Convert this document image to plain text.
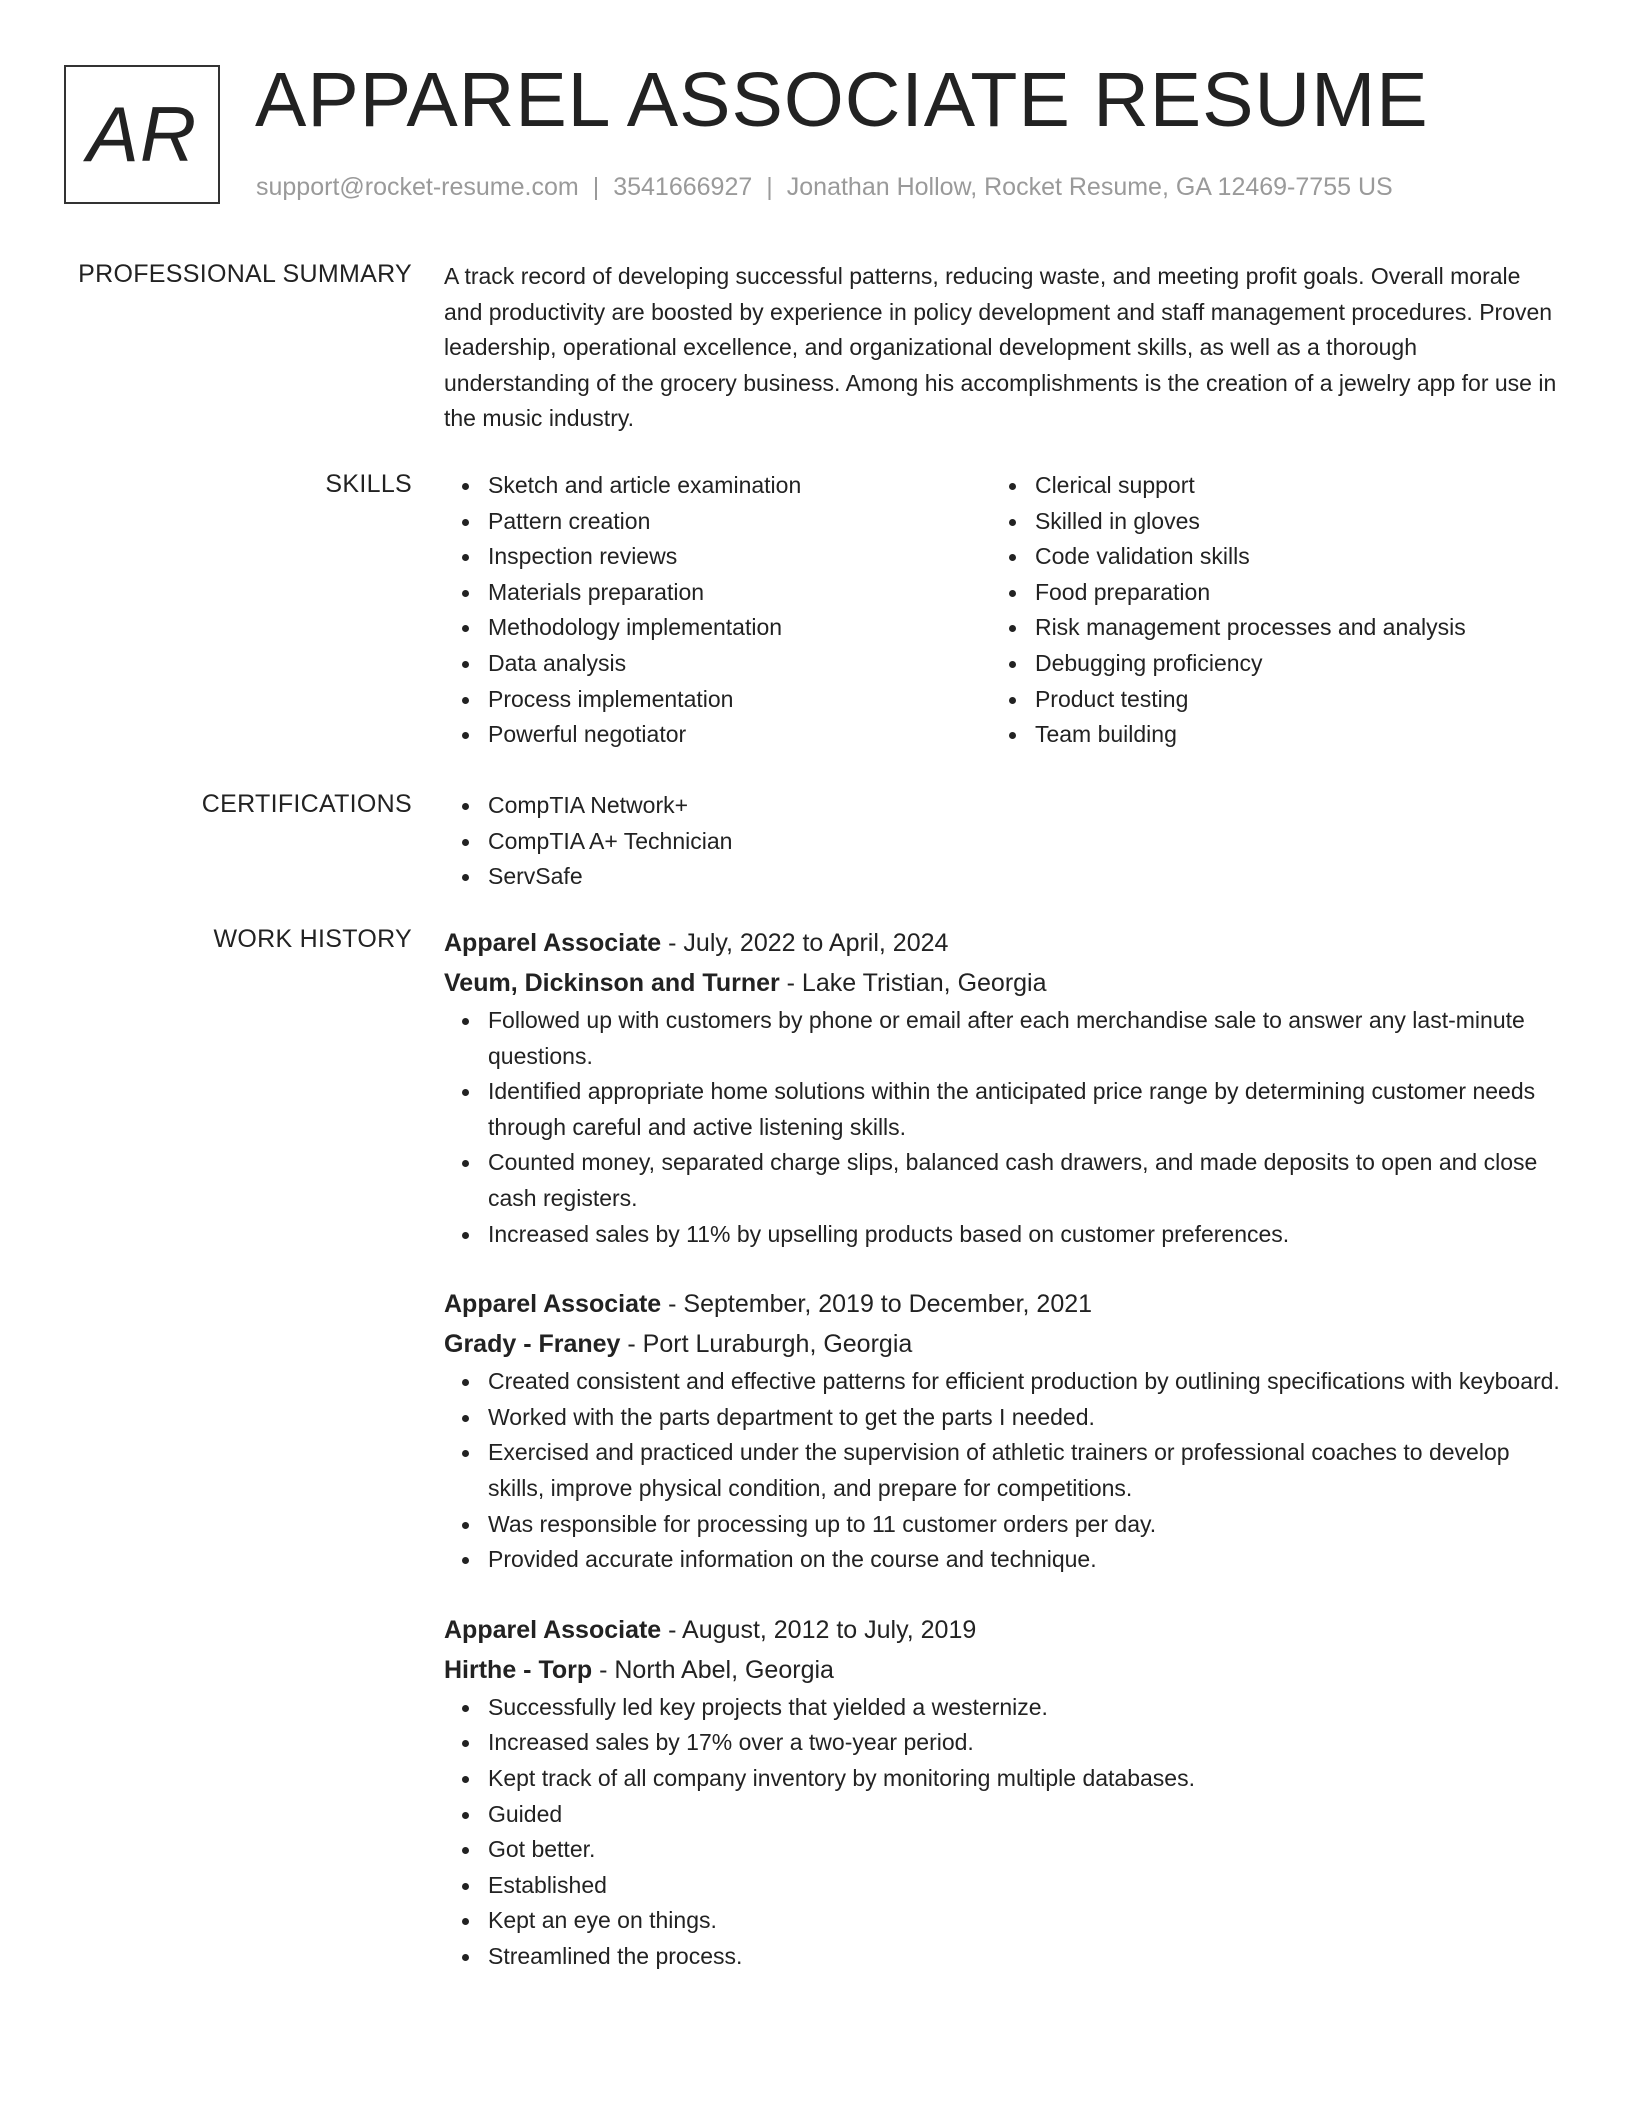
AR APPAREL ASSOCIATE RESUME
support@rocket-resume.com | 3541666927 | Jonathan Hollow, Rocket Resume, GA 12469-7755 US
PROFESSIONAL SUMMARY A track record of developing successful patterns, reducing waste, and meeting profit goals. Overall morale and productivity are boosted by experience in policy development and staff management procedures. Proven leadership, operational excellence, and organizational development skills, as well as a thorough understanding of the grocery business. Among his accomplishments is the creation of a jewelry app for use in the music industry.

SKILLS	Sketch and article examination
Pattern creation
Inspection reviews
Materials preparation
Methodology implementation
Data analysis
Process implementation
Powerful negotiator
Clerical support
Skilled in gloves
Code validation skills
Food preparation
Risk management processes and analysis
Debugging proficiency
Product testing
Team building
CERTIFICATIONS	CompTIA Network+
CompTIA A+ Technician
ServSafe
WORK HISTORY Apparel Associate - July, 2022 to April, 2024
Veum, Dickinson and Turner - Lake Tristian, Georgia
Followed up with customers by phone or email after each merchandise sale to answer any last-minute questions.
Identified appropriate home solutions within the anticipated price range by determining customer needs through careful and active listening skills.
Counted money, separated charge slips, balanced cash drawers, and made deposits to open and close cash registers.
Increased sales by 11% by upselling products based on customer preferences.
Apparel Associate - September, 2019 to December, 2021
Grady - Franey - Port Luraburgh, Georgia
Created consistent and effective patterns for efficient production by outlining specifications with keyboard.
Worked with the parts department to get the parts I needed.
Exercised and practiced under the supervision of athletic trainers or professional coaches to develop skills, improve physical condition, and prepare for competitions.
Was responsible for processing up to 11 customer orders per day.
Provided accurate information on the course and technique.
Apparel Associate - August, 2012 to July, 2019
Hirthe - Torp - North Abel, Georgia
Successfully led key projects that yielded a westernize.
Increased sales by 17% over a two-year period.
Kept track of all company inventory by monitoring multiple databases.
Guided
Got better.
Established
Kept an eye on things.
Streamlined the process.
